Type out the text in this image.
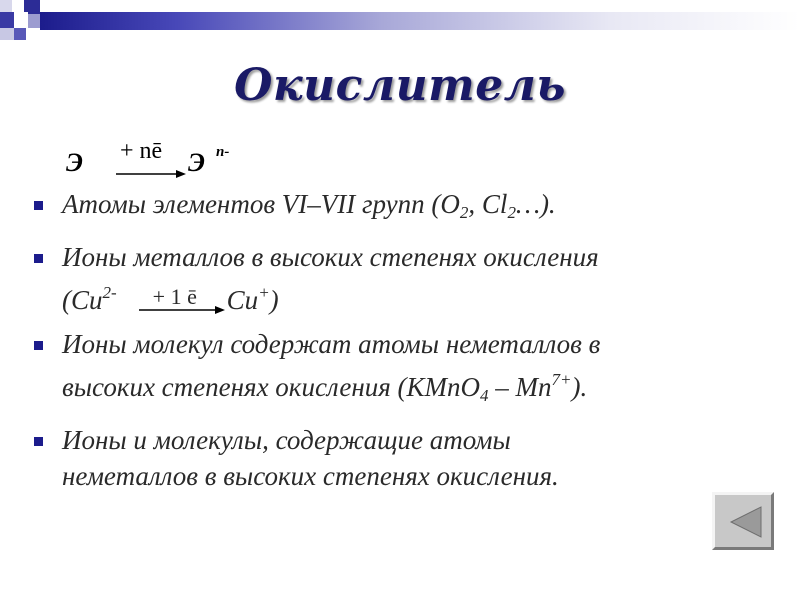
Окислитель
Э + nē Э n-
Атомы элементов VI–VII групп ($O_2$, $Cl_2\dots$).
Ионы металлов в высоких степенях окисления
($Cu^{2-} + 1$ ē Cu+)
Ионы молекул содержат атомы неметаллов в
высоких степенях окисления (KMnO$_4$ – $Mn^{7+}$).
Ионы и молекулы, содержащие атомы
неметаллов в высоких степенях окисления.
